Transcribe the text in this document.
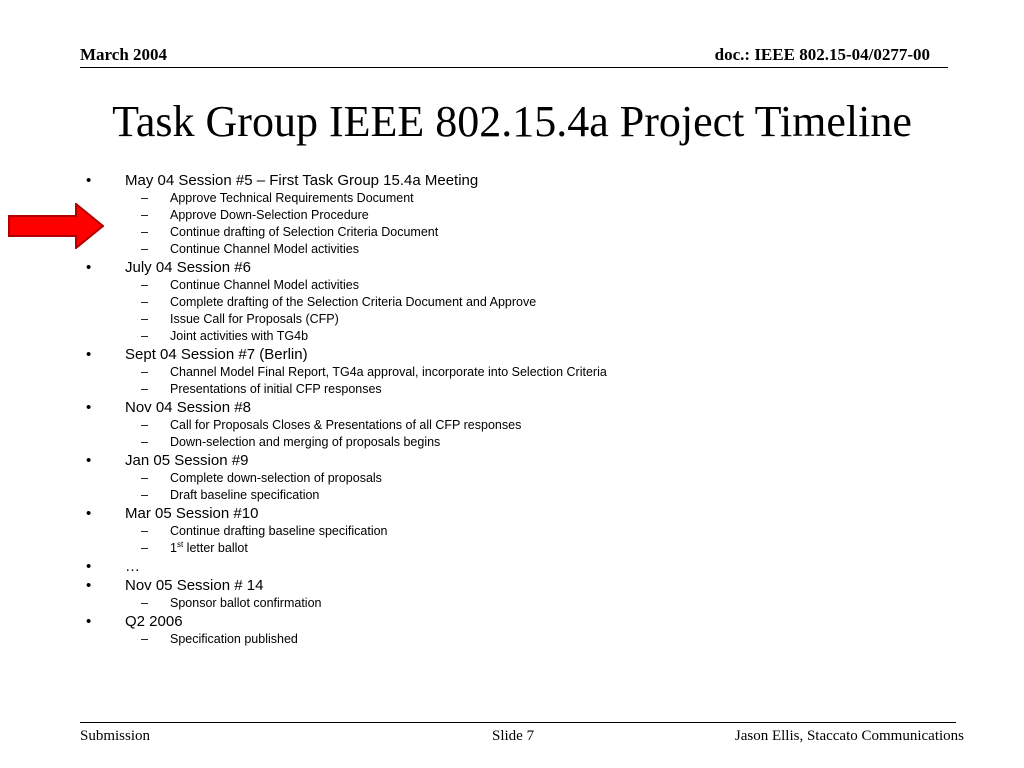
March 2004	doc.: IEEE 802.15-04/0277-00
Task Group IEEE 802.15.4a Project Timeline
• May 04 Session #5 – First Task Group 15.4a Meeting
– Approve Technical Requirements Document
– Approve Down-Selection Procedure
– Continue drafting of Selection Criteria Document
– Continue Channel Model activities
• July 04 Session #6
– Continue Channel Model activities
– Complete drafting of the Selection Criteria Document and Approve
– Issue Call for Proposals (CFP)
– Joint activities with TG4b
• Sept 04 Session #7 (Berlin)
– Channel Model Final Report, TG4a approval, incorporate into Selection Criteria
– Presentations of initial CFP responses
• Nov 04 Session #8
– Call for Proposals Closes & Presentations of all CFP responses
– Down-selection and merging of proposals begins
• Jan 05 Session #9
– Complete down-selection of proposals
– Draft baseline specification
• Mar 05 Session #10
– Continue drafting baseline specification
– 1st letter ballot
• …
• Nov 05 Session # 14
– Sponsor ballot confirmation
• Q2 2006
– Specification published
Submission	Slide 7	Jason Ellis, Staccato Communications
